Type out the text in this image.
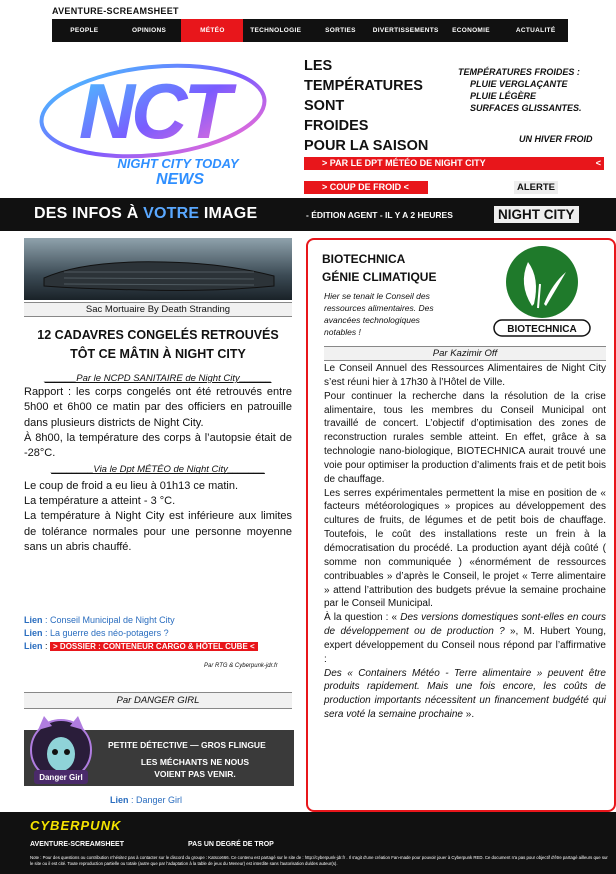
AVENTURE-SCREAMSHEET
PEOPLE	OPINIONS	MÉTÉO	TECHNOLOGIE	SORTIES	DIVERTISSEMENTS	ECONOMIE	ACTUALITÉ
NCT
NIGHT CITY TODAY
NEWS
LES
TEMPÉRATURES
SONT
FROIDES
POUR LA SAISON
TEMPÉRATURES FROIDES :
PLUIE VERGLAÇANTE
PLUIE LÉGÈRE
SURFACES GLISSANTES.
UN HIVER FROID
> PAR LE DPT MÉTÉO DE NIGHT CITY	<
> COUP DE FROID <	ALERTE
DES INFOS À VOTRE IMAGE	- ÉDITION AGENT - IL Y A 2 HEURES	NIGHT CITY
Sac Mortuaire By Death Stranding
12 CADAVRES CONGELÉS RETROUVÉS
TÔT CE MÂTIN À NIGHT CITY
______Par le NCPD SANITAIRE de Night City______

Rapport : les corps congelés ont été retrouvés entre 5h00 et 6h00 ce matin par des officiers en patrouille dans plusieurs districts de Night City.

À 8h00, la température des corps à l’autopsie était de -28°C.

________Via le Dpt MÉTÉO de Night City_______

Le coup de froid a eu lieu à 01h13 ce matin.

La température a atteint - 3 °C.

La température à Night City est inférieure aux limites de tolérance normales pour une personne moyenne sans un abris chauffé.

Lien : Conseil Municipal de Night City
Lien : La guerre des néo-potagers ?
Lien : > DOSSIER : CONTENEUR CARGO & HÔTEL CUBE <
Par RTG & Cyberpunk-jdr.fr
Par DANGER GIRL
PETITE DÉTECTIVE — GROS FLINGUE
LES MÉCHANTS NE NOUS VOIENT PAS VENIR.
Danger Girl
Lien : Danger Girl
BIOTECHNICA
GÉNIE CLIMATIQUE
Hier se tenait le Conseil des ressources alimentaires. Des avancées technologiques notables !	BIOTECHNICA
Par Kazimir Off

Le Conseil Annuel des Ressources Alimentaires de Night City s’est réuni hier à 17h30 à l’Hôtel de Ville.

Pour continuer la recherche dans la résolution de la crise alimentaire, tous les membres du Conseil Municipal ont travaillé de concert. L’objectif d’optimisation des zones de reconstruction rurales semble atteint. En effet, grâce à sa technologie nano-biologique, BIOTECHNICA aurait trouvé une voie pour optimiser la production d’aliments frais et de petit bois de chauffage.

Les serres expérimentales permettent la mise en position de « facteurs météorologiques » propices au développement des cultures de fruits, de légumes et de petit bois de chauffage. Toutefois, le coût des installations reste un frein à la démocratisation du procédé. La production ayant déjà coûté ( somme non communiquée ) «énormément de ressources contribuables » d’après le Conseil, le projet « Terre alimentaire » attend l’attribution des budgets prévue la semaine prochaine par le Conseil Municipal.

À la question : « Des versions domestiques sont-elles en cours de développement ou de production ? », M. Hubert Young, expert développement du Conseil nous répond par l’affirmative :

Des « Containers Météo - Terre alimentaire » peuvent être produits rapidement. Mais une fois encore, les coûts de production importants nécessitent un financement budgété qui sera voté la semaine prochaine ».

CYBERPUNK
AVENTURE-SCREAMSHEET	PAS UN DEGRÉ DE TROP
Note : Pour des questions ou contribution n'hésitez pas à contacter sur le discord du groupe : Katsco666. Ce contenu est partagé sur le site de : http://cyberpunk-jdr.fr . Il s'agit d'une création Fan-made pour pouvoir jouer à Cyberpunk RED. Ce document n'a pas pour objectif d'être partagé ailleurs que sur le site ou il est cité. Toute reproduction partielle ou totale (autre que par l'adaptation à la table de jeux du Meneur) est interdite sans l'autorisation du/des auteur(s).
